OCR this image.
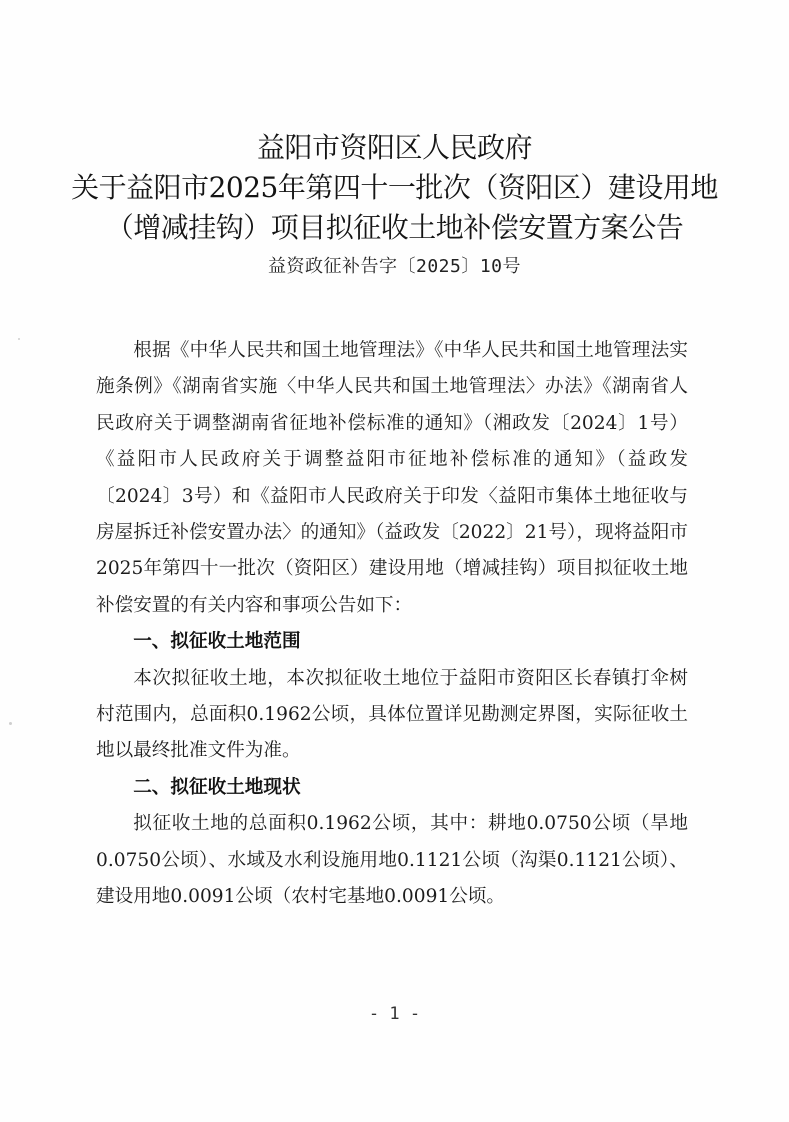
益阳市资阳区人民政府
关于益阳市2025年第四十一批次（资阳区）建设用地
（增减挂钩）项目拟征收土地补偿安置方案公告
益资政征补告字〔2025〕10号

根据《中华人民共和国土地管理法》《中华人民共和国土地管理法实施条例》《湖南省实施〈中华人民共和国土地管理法〉办法》《湖南省人民政府关于调整湖南省征地补偿标准的通知》（湘政发〔2024〕1号）《益阳市人民政府关于调整益阳市征地补偿标准的通知》（益政发〔2024〕3号）和《益阳市人民政府关于印发〈益阳市集体土地征收与房屋拆迁补偿安置办法〉的通知》（益政发〔2022〕21号），现将益阳市2025年第四十一批次（资阳区）建设用地（增减挂钩）项目拟征收土地补偿安置的有关内容和事项公告如下：

一、拟征收土地范围

本次拟征收土地，本次拟征收土地位于益阳市资阳区长春镇打伞树村范围内，总面积0.1962公顷，具体位置详见勘测定界图，实际征收土地以最终批准文件为准。

二、拟征收土地现状

拟征收土地的总面积0.1962公顷，其中：耕地0.0750公顷（旱地0.0750公顷）、水域及水利设施用地0.1121公顷（沟渠0.1121公顷）、建设用地0.0091公顷（农村宅基地0.0091公顷。

- 1 -
